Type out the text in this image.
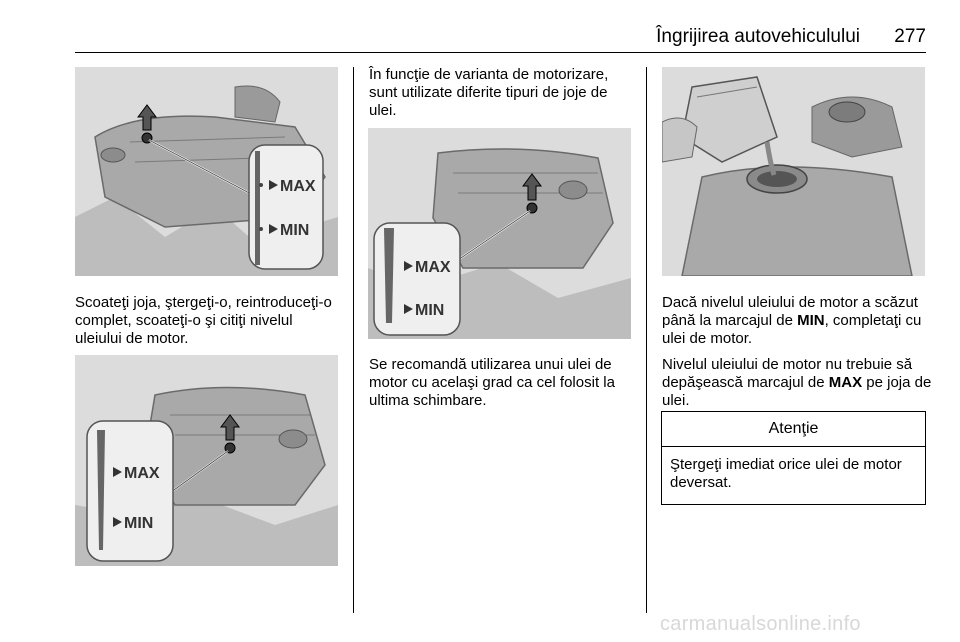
Îngrijirea autovehiculului	277
MAX
MIN

Scoateţi joja, ştergeţi-o, reintroduceţi-o complet, scoateţi-o şi citiţi nivelul uleiului de motor.

MAX
MIN

În funcţie de varianta de motorizare, sunt utilizate diferite tipuri de joje de ulei.

MAX
MIN

Se recomandă utilizarea unui ulei de motor cu acelaşi grad ca cel folosit la ultima schimbare.

Dacă nivelul uleiului de motor a scăzut până la marcajul de MIN, completaţi cu ulei de motor.

Nivelul uleiului de motor nu trebuie să depăşească marcajul de MAX pe joja de ulei.

Atenţie
Ştergeţi imediat orice ulei de motor deversat.
carmanualsonline.info
